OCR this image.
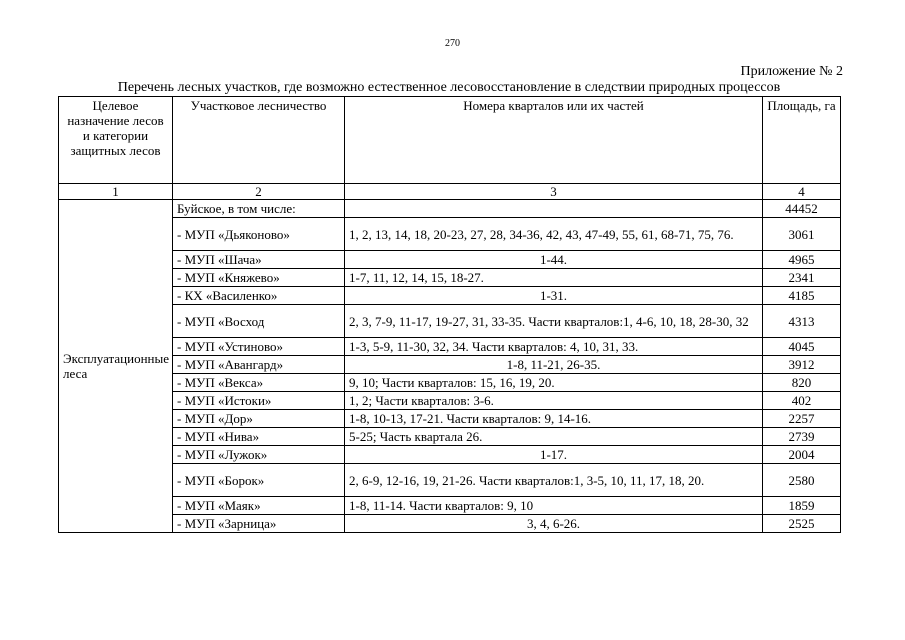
270
Приложение № 2
Перечень лесных участков, где возможно естественное лесовосстановление в следствии природных процессов
Целевое назначение лесов и категории защитных лесов	Участковое лесничество	Номера кварталов или их частей	Площадь, га
1	2	3	4
Эксплуатационные леса	Буйское, в том числе:		44452
	- МУП «Дьяконово»	1, 2, 13, 14, 18, 20-23, 27, 28, 34-36, 42, 43, 47-49, 55, 61, 68-71, 75, 76.	3061
	- МУП «Шача»	1-44.	4965
	- МУП «Княжево»	1-7, 11, 12, 14, 15, 18-27.	2341
	- КХ «Василенко»	1-31.	4185
	- МУП «Восход	2, 3, 7-9, 11-17, 19-27, 31, 33-35. Части кварталов:1, 4-6, 10, 18, 28-30, 32	4313
	- МУП «Устиново»	1-3, 5-9, 11-30, 32, 34. Части кварталов: 4, 10, 31, 33.	4045
	- МУП «Авангард»	1-8, 11-21, 26-35.	3912
	- МУП «Векса»	9, 10; Части кварталов: 15, 16, 19, 20.	820
	- МУП «Истоки»	1, 2; Части кварталов: 3-6.	402
	- МУП «Дор»	1-8, 10-13, 17-21. Части кварталов: 9, 14-16.	2257
	- МУП «Нива»	5-25; Часть квартала 26.	2739
	- МУП «Лужок»	1-17.	2004
	- МУП «Борок»	2, 6-9, 12-16, 19, 21-26. Части кварталов:1, 3-5, 10, 11, 17, 18, 20.	2580
	- МУП «Маяк»	1-8, 11-14. Части кварталов: 9, 10	1859
	- МУП «Зарница»	3, 4, 6-26.	2525
